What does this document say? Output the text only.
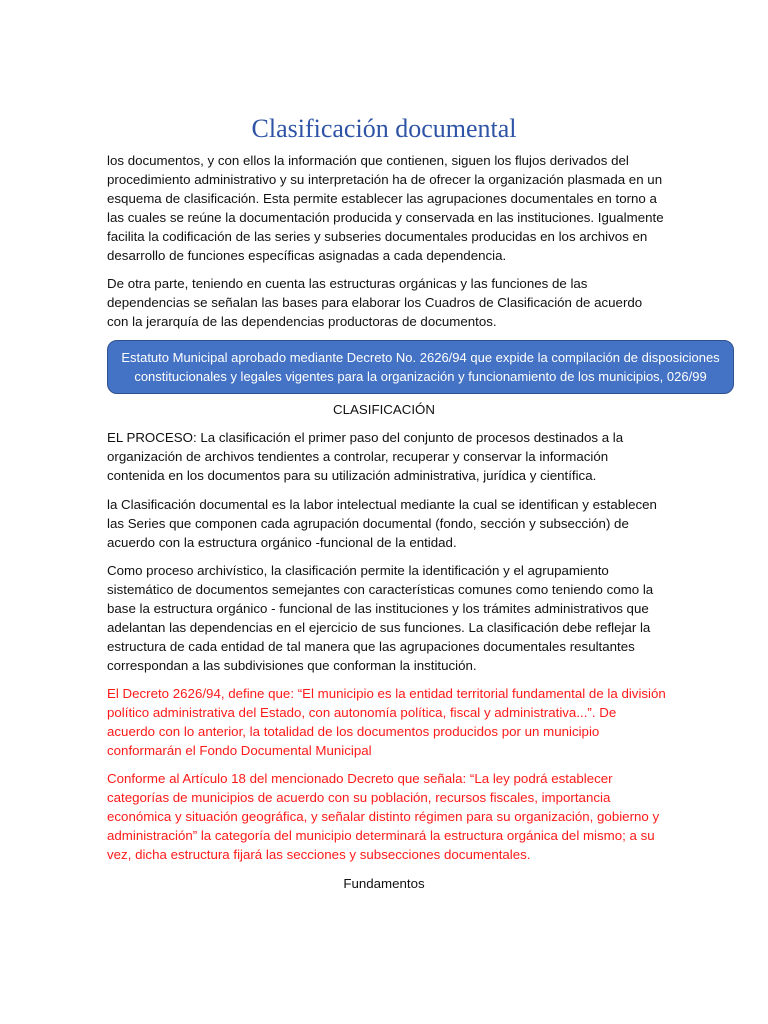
Clasificación documental

los documentos, y con ellos la información que contienen, siguen los flujos derivados del procedimiento administrativo y su interpretación ha de ofrecer la organización plasmada en un esquema de clasificación. Esta permite establecer las agrupaciones documentales en torno a las cuales se reúne la documentación producida y conservada en las instituciones. Igualmente facilita la codificación de las series y subseries documentales producidas en los archivos en desarrollo de funciones específicas asignadas a cada dependencia.

De otra parte, teniendo en cuenta las estructuras orgánicas y las funciones de las dependencias se señalan las bases para elaborar los Cuadros de Clasificación de acuerdo con la jerarquía de las dependencias productoras de documentos.

Estatuto Municipal aprobado mediante Decreto No. 2626/94 que expide la compilación de disposiciones constitucionales y legales vigentes para la organización y funcionamiento de los municipios, 026/99
CLASIFICACIÓN

EL PROCESO: La clasificación el primer paso del conjunto de procesos destinados a la organización de archivos tendientes a controlar, recuperar y conservar la información contenida en los documentos para su utilización administrativa, jurídica y científica.

la Clasificación documental es la labor intelectual mediante la cual se identifican y establecen las Series que componen cada agrupación documental (fondo, sección y subsección) de acuerdo con la estructura orgánico -funcional de la entidad.

Como proceso archivístico, la clasificación permite la identificación y el agrupamiento sistemático de documentos semejantes con características comunes como teniendo como la base la estructura orgánico - funcional de las instituciones y los trámites administrativos que adelantan las dependencias en el ejercicio de sus funciones. La clasificación debe reflejar la estructura de cada entidad de tal manera que las agrupaciones documentales resultantes correspondan a las subdivisiones que conforman la institución.

El Decreto 2626/94, define que: “El municipio es la entidad territorial fundamental de la división político administrativa del Estado, con autonomía política, fiscal y administrativa...”. De acuerdo con lo anterior, la totalidad de los documentos producidos por un municipio conformarán el Fondo Documental Municipal

Conforme al Artículo 18 del mencionado Decreto que señala: “La ley podrá establecer categorías de municipios de acuerdo con su población, recursos fiscales, importancia económica y situación geográfica, y señalar distinto régimen para su organización, gobierno y administración” la categoría del municipio determinará la estructura orgánica del mismo; a su vez, dicha estructura fijará las secciones y subsecciones documentales.

Fundamentos
